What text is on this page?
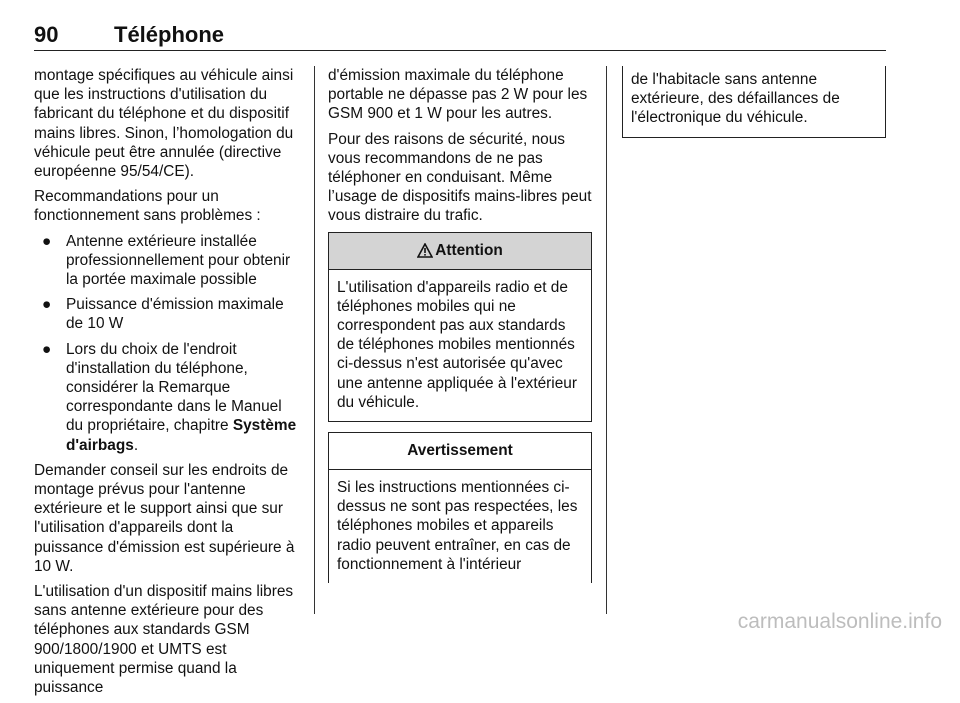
90	Téléphone

montage spécifiques au véhicule ainsi que les instructions d'utilisation du fabricant du téléphone et du dispositif mains libres. Sinon, l’homologation du véhicule peut être annulée (directive européenne 95/54/CE).

Recommandations pour un fonctionnement sans problèmes :

● Antenne extérieure installée professionnellement pour obtenir la portée maximale possible
● Puissance d'émission maximale de 10 W
● Lors du choix de l'endroit d'installation du téléphone, considérer la Remarque correspondante dans le Manuel du propriétaire, chapitre Système d'airbags.

Demander conseil sur les endroits de montage prévus pour l'antenne extérieure et le support ainsi que sur l'utilisation d'appareils dont la puissance d'émission est supérieure à 10 W.

L'utilisation d'un dispositif mains libres sans antenne extérieure pour des téléphones aux standards GSM 900/1800/1900 et UMTS est uniquement permise quand la puissance

d'émission maximale du téléphone portable ne dépasse pas 2 W pour les GSM 900 et 1 W pour les autres.

Pour des raisons de sécurité, nous vous recommandons de ne pas téléphoner en conduisant. Même l’usage de dispositifs mains-libres peut vous distraire du trafic.

Attention
L'utilisation d'appareils radio et de téléphones mobiles qui ne correspondent pas aux standards de téléphones mobiles mentionnés ci-dessus n'est autorisée qu'avec une antenne appliquée à l'extérieur du véhicule.
Avertissement
Si les instructions mentionnées ci-dessus ne sont pas respectées, les téléphones mobiles et appareils radio peuvent entraîner, en cas de fonctionnement à l'intérieur
de l'habitacle sans antenne extérieure, des défaillances de l'électronique du véhicule.
carmanualsonline.info
